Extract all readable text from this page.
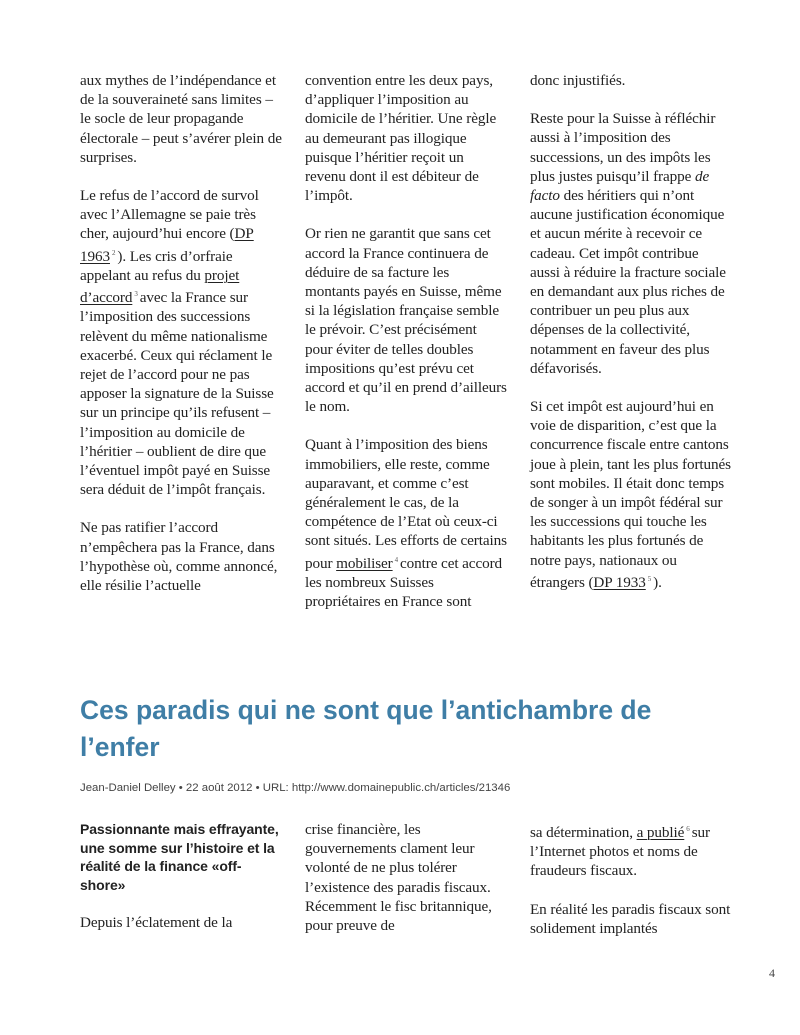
aux mythes de l’indépendance et de la souveraineté sans limites – le socle de leur propagande électorale – peut s’avérer plein de surprises.

Le refus de l’accord de survol avec l’Allemagne se paie très cher, aujourd’hui encore (DP 1963 $^2$ ). Les cris d’orfraie appelant au refus du projet d’accord $^3$ avec la France sur l’imposition des successions relèvent du même nationalisme exacerbé. Ceux qui réclament le rejet de l’accord pour ne pas apposer la signature de la Suisse sur un principe qu’ils refusent – l’imposition au domicile de l’héritier – oublient de dire que l’éventuel impôt payé en Suisse sera déduit de l’impôt français.

Ne pas ratifier l’accord n’empêchera pas la France, dans l’hypothèse où, comme annoncé, elle résilie l’actuelle

convention entre les deux pays, d’appliquer l’imposition au domicile de l’héritier. Une règle au demeurant pas illogique puisque l’héritier reçoit un revenu dont il est débiteur de l’impôt.

Or rien ne garantit que sans cet accord la France continuera de déduire de sa facture les montants payés en Suisse, même si la législation française semble le prévoir. C’est précisément pour éviter de telles doubles impositions qu’est prévu cet accord et qu’il en prend d’ailleurs le nom.

Quant à l’imposition des biens immobiliers, elle reste, comme auparavant, et comme c’est généralement le cas, de la compétence de l’Etat où ceux-ci sont situés. Les efforts de certains pour mobiliser $^4$ contre cet accord les nombreux Suisses propriétaires en France sont

donc injustifiés.

Reste pour la Suisse à réfléchir aussi à l’imposition des successions, un des impôts les plus justes puisqu’il frappe de facto des héritiers qui n’ont aucune justification économique et aucun mérite à recevoir ce cadeau. Cet impôt contribue aussi à réduire la fracture sociale en demandant aux plus riches de contribuer un peu plus aux dépenses de la collectivité, notamment en faveur des plus défavorisés.

Si cet impôt est aujourd’hui en voie de disparition, c’est que la concurrence fiscale entre cantons joue à plein, tant les plus fortunés sont mobiles. Il était donc temps de songer à un impôt fédéral sur les successions qui touche les habitants les plus fortunés de notre pays, nationaux ou étrangers (DP 1933 $^5$ ).

Ces paradis qui ne sont que l’antichambre de l’enfer
Jean-Daniel Delley • 22 août 2012 • URL: http://www.domainepublic.ch/articles/21346

Passionnante mais effrayante, une somme sur l’histoire et la réalité de la finance «off-shore»

Depuis l’éclatement de la

crise financière, les gouvernements clament leur volonté de ne plus tolérer l’existence des paradis fiscaux. Récemment le fisc britannique, pour preuve de

sa détermination, a publié $^6$ sur l’Internet photos et noms de fraudeurs fiscaux.

En réalité les paradis fiscaux sont solidement implantés

4
